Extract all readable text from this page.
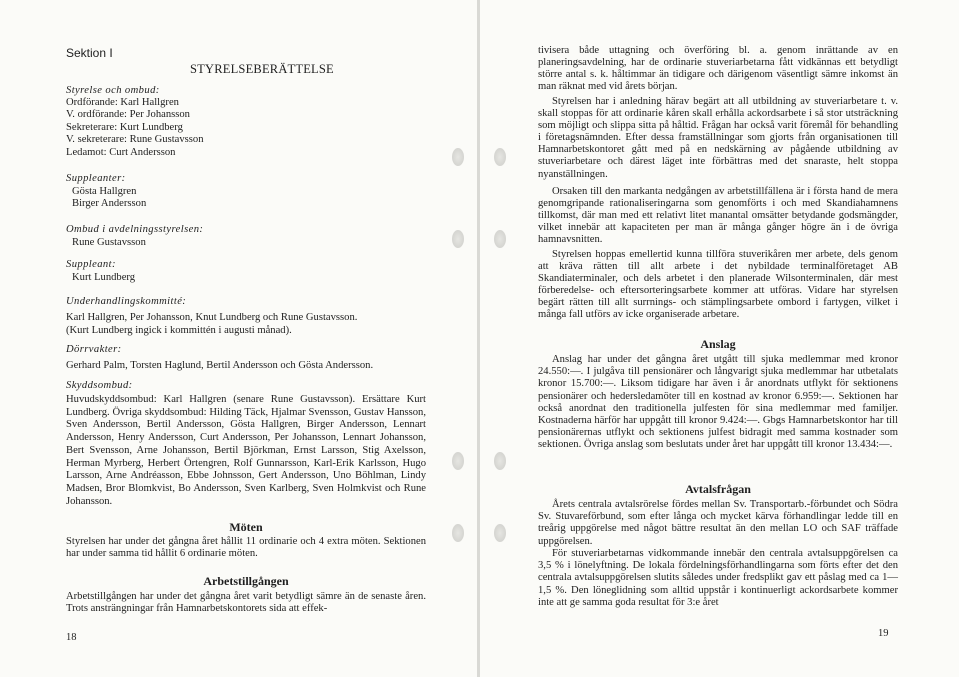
Sektion I

STYRELSEBERÄTTELSE

Styrelse och ombud:

Ordförande: Karl Hallgren
V. ordförande: Per Johansson
Sekreterare: Kurt Lundberg
V. sekreterare: Rune Gustavsson
Ledamot: Curt Andersson

Suppleanter:

Gösta Hallgren
Birger Andersson

Ombud i avdelningsstyrelsen:

Rune Gustavsson

Suppleant:

Kurt Lundberg

Underhandlingskommitté:

Karl Hallgren, Per Johansson, Knut Lundberg och Rune Gustavsson.
(Kurt Lundberg ingick i kommittén i augusti månad).

Dörrvakter:

Gerhard Palm, Torsten Haglund, Bertil Andersson och Gösta Andersson.

Skyddsombud:

Huvudskyddsombud: Karl Hallgren (senare Rune Gustavsson). Ersättare Kurt Lundberg. Övriga skyddsombud: Hilding Täck, Hjalmar Svensson, Gustav Hansson, Sven Andersson, Bertil Andersson, Gösta Hallgren, Birger Andersson, Lennart Andersson, Henry Andersson, Curt Andersson, Per Johansson, Lennart Johansson, Bert Svensson, Arne Johansson, Bertil Björkman, Ernst Larsson, Stig Axelsson, Herman Myrberg, Herbert Örtengren, Rolf Gunnarsson, Karl-Erik Karlsson, Hugo Larsson, Arne Andréasson, Ebbe Johnsson, Gert Andersson, Uno Böhlman, Lindy Madsen, Bror Blomkvist, Bo Andersson, Sven Karlberg, Sven Holmkvist och Rune Johansson.

Möten

Styrelsen har under det gångna året hållit 11 ordinarie och 4 extra möten. Sektionen har under samma tid hållit 6 ordinarie möten.

Arbetstillgången

Arbetstillgången har under det gångna året varit betydligt sämre än de senaste åren. Trots ansträngningar från Hamnarbetskontorets sida att effek-

18

tivisera både uttagning och överföring bl. a. genom inrättande av en planeringsavdelning, har de ordinarie stuveriarbetarna fått vidkännas ett betydligt större antal s. k. håltimmar än tidigare och därigenom väsentligt sämre inkomst än man räknat med vid årets början.

Styrelsen har i anledning härav begärt att all utbildning av stuveriarbetare t. v. skall stoppas för att ordinarie kåren skall erhålla ackordsarbete i så stor utsträckning som möjligt och slippa sitta på håltid. Frågan har också varit föremål för behandling i företagsnämnden. Efter dessa framställningar som gjorts från organisationen till Hamnarbetskontoret gått med på en nedskärning av pågående utbildning av stuveriarbetare och därest läget inte förbättras med det snaraste, helt stoppa nyanställningen.

Orsaken till den markanta nedgången av arbetstillfällena är i första hand de mera genomgripande rationaliseringarna som genomförts i och med Skandiahamnens tillkomst, där man med ett relativt litet manantal omsätter betydande godsmängder, vilket innebär att kapaciteten per man är många gånger högre än i de övriga hamnavsnitten.

Styrelsen hoppas emellertid kunna tillföra stuverikåren mer arbete, dels genom att kräva rätten till allt arbete i det nybildade terminalföretaget AB Skandiaterminaler, och dels arbetet i den planerade Wilsonterminalen, där mest förberedelse- och eftersorteringsarbete kommer att utföras. Vidare har styrelsen begärt rätten till allt surrnings- och stämplingsarbete ombord i fartygen, vilket i många fall utförs av icke organiserade arbetare.

Anslag

Anslag har under det gångna året utgått till sjuka medlemmar med kronor 24.550:—. I julgåva till pensionärer och långvarigt sjuka medlemmar har utbetalats kronor 15.700:—. Liksom tidigare har även i år anordnats utflykt för sektionens pensionärer och hedersledamöter till en kostnad av kronor 6.959:—. Sektionen har också anordnat den traditionella julfesten för sina medlemmar med familjer. Kostnaderna härför har uppgått till kronor 9.424:—. Gbgs Hamnarbetskontor har till pensionärernas utflykt och sektionens julfest bidragit med samma kostnader som sektionen. Övriga anslag som beslutats under året har uppgått till kronor 13.434:—.

Avtalsfrågan

Årets centrala avtalsrörelse fördes mellan Sv. Transportarb.-förbundet och Södra Sv. Stuvareförbund, som efter långa och mycket kärva förhandlingar ledde till en treårig uppgörelse med något bättre resultat än den mellan LO och SAF träffade uppgörelsen.

För stuveriarbetarnas vidkommande innebär den centrala avtalsuppgörelsen ca 3,5 % i lönelyftning. De lokala fördelningsförhandlingarna som förts efter det den centrala avtalsuppgörelsen slutits således under fredsplikt gav ett påslag med ca 1—1,5 %. Den löneglidning som alltid uppstår i kontinuerligt ackordsarbete kommer inte att ge samma goda resultat för 3:e året

19
